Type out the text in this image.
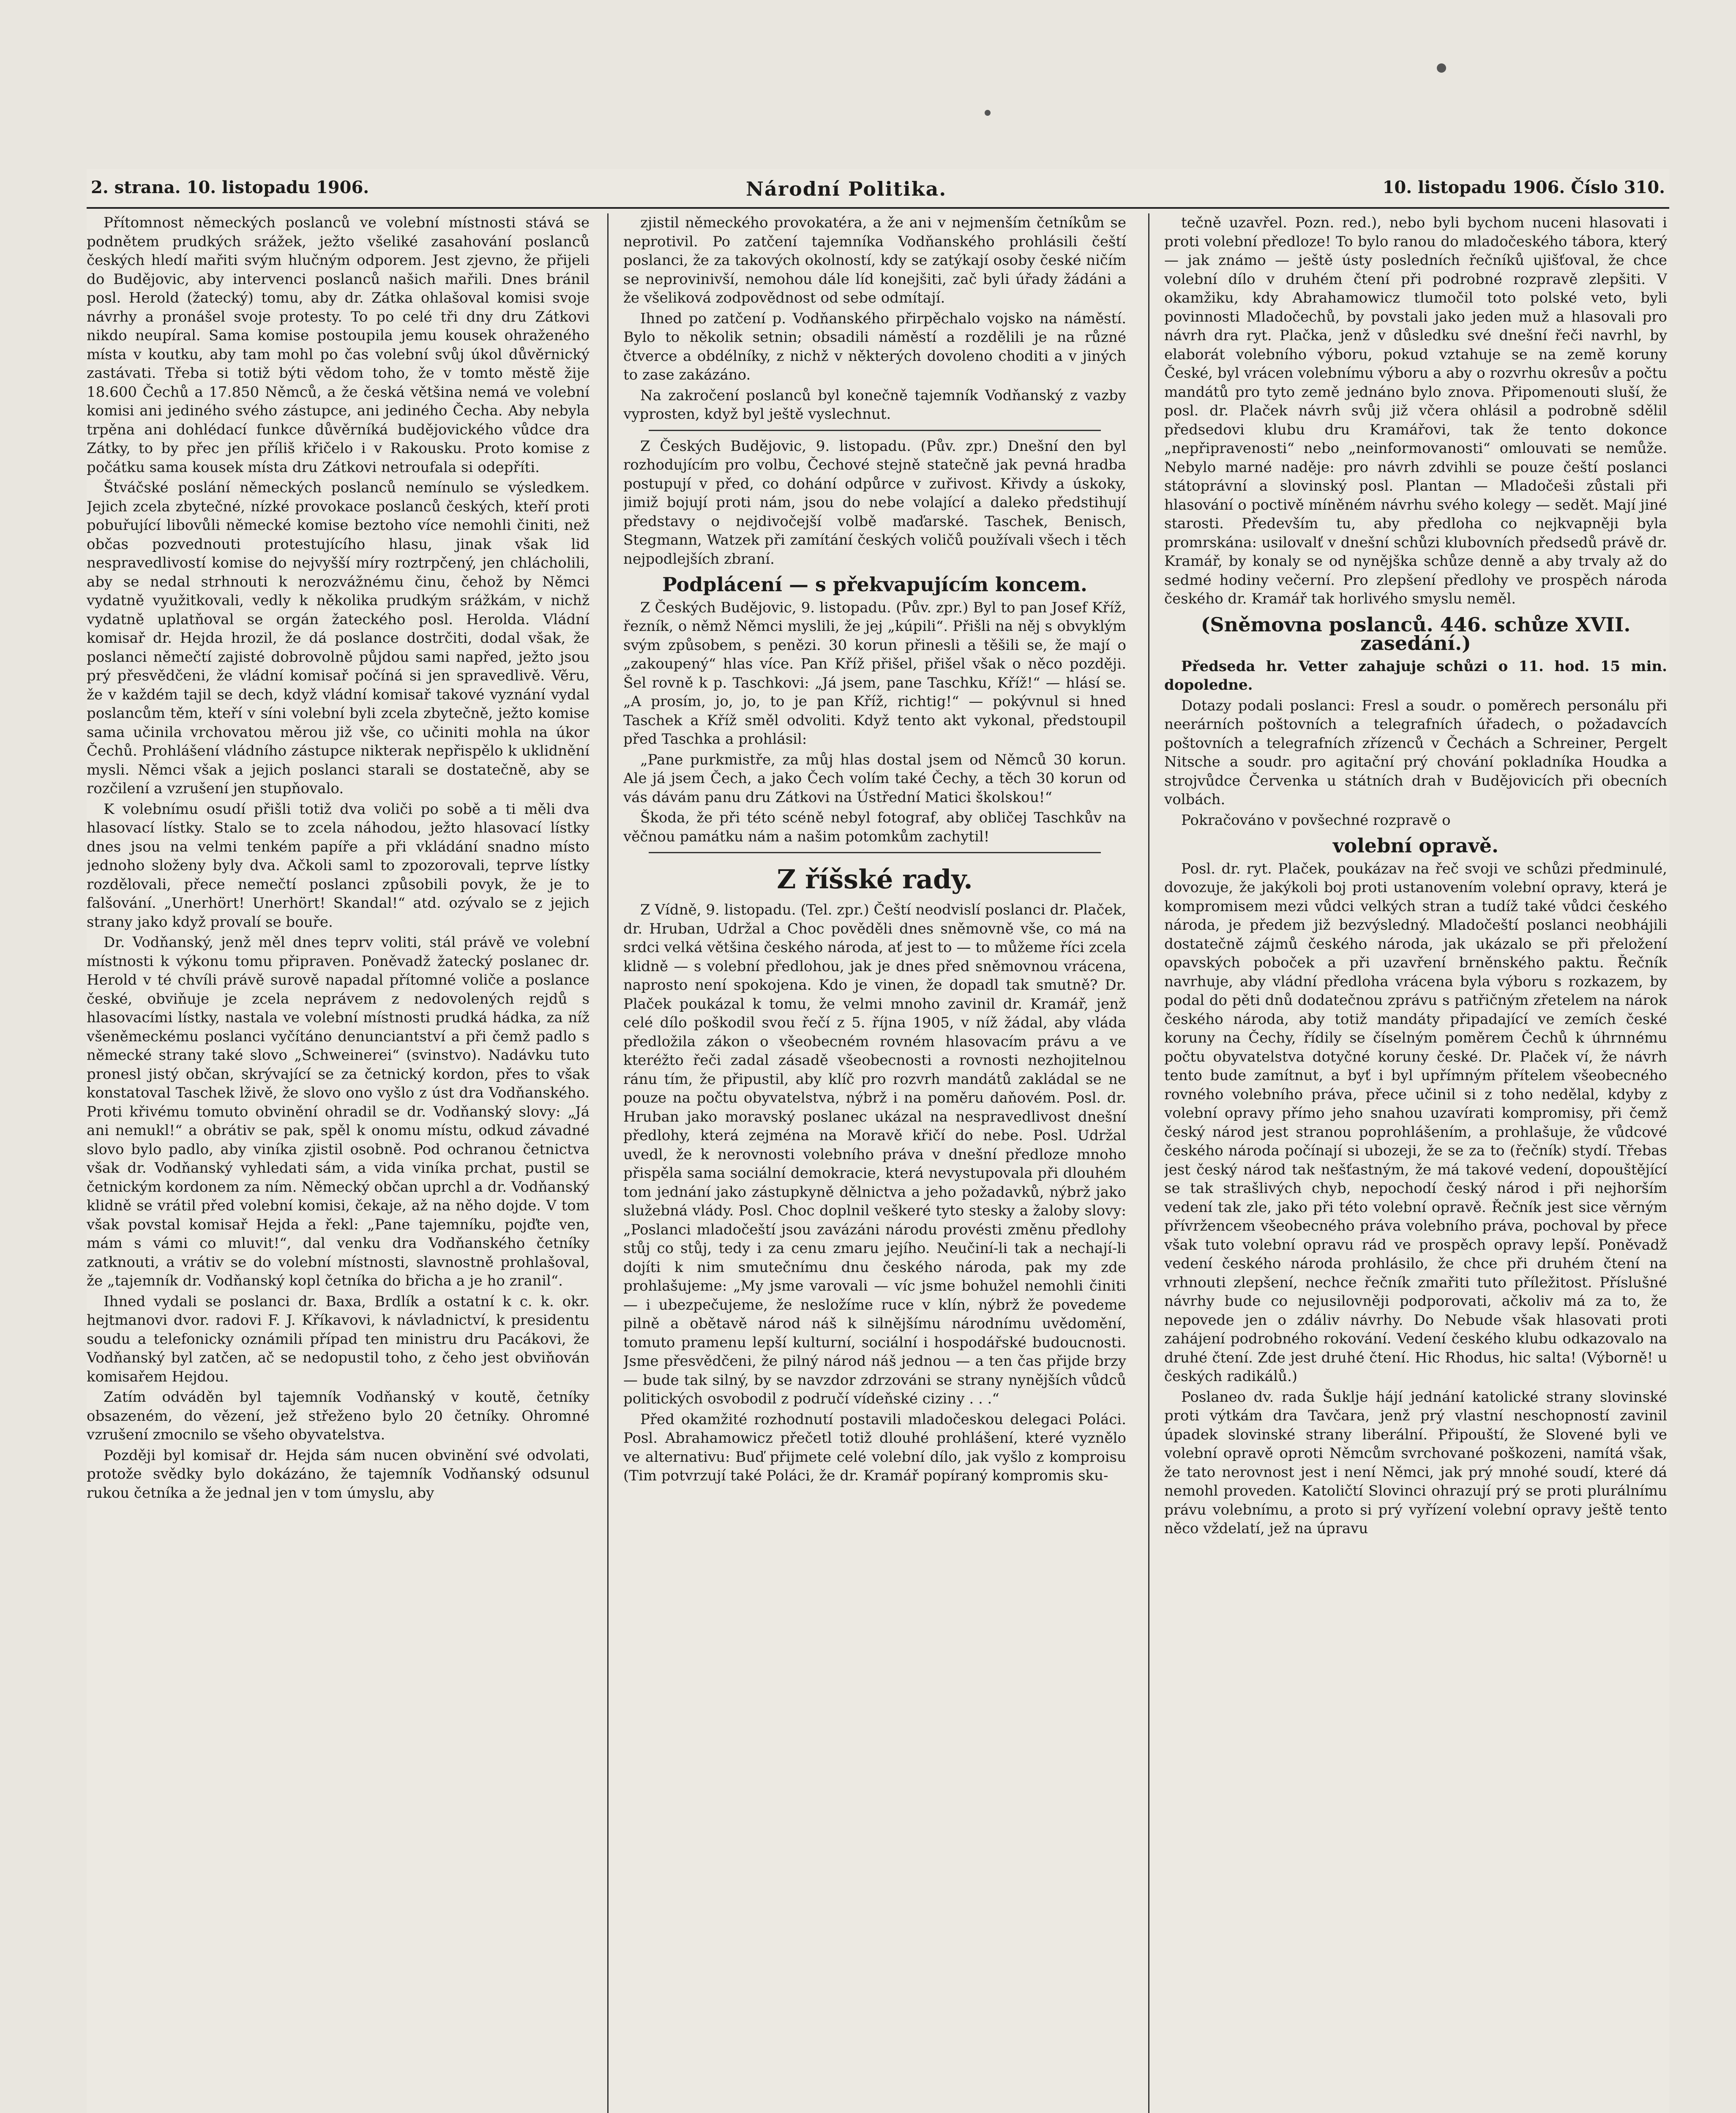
2. strana. 10. listopadu 1906.	Národní Politika.	10. listopadu 1906. Číslo 310.

Přítomnost německých poslanců ve volební místnosti stává se podnětem prudkých srážek, ježto všeliké zasahování poslanců českých hledí mařiti svým hlučným odporem. Jest zjevno, že přijeli do Budějovic, aby intervenci poslanců našich mařili. Dnes bránil posl. Herold (žatecký) tomu, aby dr. Zátka ohlašoval komisi svoje návrhy a pronášel svoje protesty. To po celé tři dny dru Zátkovi nikdo neupíral. Sama komise postoupila jemu kousek ohraženého místa v koutku, aby tam mohl po čas volební svůj úkol důvěrnický zastávati. Třeba si totiž býti vědom toho, že v tomto městě žije 18.600 Čechů a 17.850 Němců, a že česká většina nemá ve volební komisi ani jediného svého zástupce, ani jediného Čecha. Aby nebyla trpěna ani dohlédací funkce důvěrníká budějovického vůdce dra Zátky, to by přec jen příliš křičelo i v Rakousku. Proto komise z počátku sama kousek místa dru Zátkovi netroufala si odepříti.

Štváčské poslání německých poslanců nemínulo se výsledkem. Jejich zcela zbytečné, nízké provokace poslanců českých, kteří proti pobuřující libovůli německé komise beztoho více nemohli činiti, než občas pozvednouti protestujícího hlasu, jinak však lid nespravedlivostí komise do nejvyšší míry roztrpčený, jen chlácholili, aby se nedal strhnouti k nerozvážnému činu, čehož by Němci vydatně využitkovali, vedly k několika prudkým srážkám, v nichž vydatně uplatňoval se orgán žateckého posl. Herolda. Vládní komisař dr. Hejda hrozil, že dá poslance dostrčiti, dodal však, že poslanci němečtí zajisté dobrovolně půjdou sami napřed, ježto jsou prý přesvědčeni, že vládní komisař počíná si jen spravedlivě. Věru, že v každém tajil se dech, když vládní komisař takové vyznání vydal poslancům těm, kteří v síni volební byli zcela zbytečně, ježto komise sama učinila vrchovatou měrou již vše, co učiniti mohla na úkor Čechů. Prohlášení vládního zástupce nikterak nepřispělo k uklidnění mysli. Němci však a jejich poslanci starali se dostatečně, aby se rozčilení a vzrušení jen stupňovalo.

K volebnímu osudí přišli totiž dva voliči po sobě a ti měli dva hlasovací lístky. Stalo se to zcela náhodou, ježto hlasovací lístky dnes jsou na velmi tenkém papíře a při vkládání snadno místo jednoho složeny byly dva. Ačkoli saml to zpozorovali, teprve lístky rozdělovali, přece nemečtí poslanci způsobili povyk, že je to falšování. „Unerhört! Unerhört! Skandal!“ atd. ozývalo se z jejich strany jako když provalí se bouře.

Dr. Vodňanský, jenž měl dnes teprv voliti, stál právě ve volební místnosti k výkonu tomu připraven. Poněvadž žatecký poslanec dr. Herold v té chvíli právě surově napadal přítomné voliče a poslance české, obviňuje je zcela neprávem z nedovolených rejdů s hlasovacími lístky, nastala ve volební místnosti prudká hádka, za níž všeněmeckému poslanci vyčítáno denunciantství a při čemž padlo s německé strany také slovo „Schweinerei“ (svinstvo). Nadávku tuto pronesl jistý občan, skrývající se za četnický kordon, přes to však konstatoval Taschek lživě, že slovo ono vyšlo z úst dra Vodňanského. Proti křivému tomuto obvinění ohradil se dr. Vodňanský slovy: „Já ani nemukl!“ a obrátiv se pak, spěl k onomu místu, odkud závadné slovo bylo padlo, aby viníka zjistil osobně. Pod ochranou četnictva však dr. Vodňanský vyhledati sám, a vida viníka prchat, pustil se četnickým kordonem za ním. Německý občan uprchl a dr. Vodňanský klidně se vrátil před volební komisi, čekaje, až na něho dojde. V tom však povstal komisař Hejda a řekl: „Pane tajemníku, pojďte ven, mám s vámi co mluvit!“, dal venku dra Vodňanského četníky zatknouti, a vrátiv se do volební místnosti, slavnostně prohlašoval, že „tajemník dr. Vodňanský kopl četníka do břicha a je ho zranil“.

Ihned vydali se poslanci dr. Baxa, Brdlík a ostatní k c. k. okr. hejtmanovi dvor. radovi F. J. Kříkavovi, k návladnictví, k presidentu soudu a telefonicky oznámili případ ten ministru dru Pacákovi, že Vodňanský byl zatčen, ač se nedopustil toho, z čeho jest obviňován komisařem Hejdou.

Zatím odváděn byl tajemník Vodňanský v koutě, četníky obsazeném, do vězení, jež střeženo bylo 20 četníky. Ohromné vzrušení zmocnilo se všeho obyvatelstva.

Později byl komisař dr. Hejda sám nucen obvinění své odvolati, protože svědky bylo dokázáno, že tajemník Vodňanský odsunul rukou četníka a že jednal jen v tom úmyslu, aby

zjistil německého provokatéra, a že ani v nejmenším četníkům se neprotivil. Po zatčení tajemníka Vodňanského prohlásili čeští poslanci, že za takových okolností, kdy se zatýkají osoby české ničím se neprovinivší, nemohou dále líd konejšiti, zač byli úřady žádáni a že všeliková zodpovědnost od sebe odmítají.

Ihned po zatčení p. Vodňanského přirpěchalo vojsko na náměstí. Bylo to několik setnin; obsadili náměstí a rozdělili je na různé čtverce a obdélníky, z nichž v některých dovoleno choditi a v jiných to zase zakázáno.

Na zakročení poslanců byl konečně tajemník Vodňanský z vazby vyprosten, když byl ještě vyslechnut.

Z Českých Budějovic, 9. listopadu. (Pův. zpr.) Dnešní den byl rozhodujícím pro volbu, Čechové stejně statečně jak pevná hradba postupují v před, co dohání odpůrce v zuřivost. Křivdy a úskoky, jimiž bojují proti nám, jsou do nebe volající a daleko předstihují představy o nejdivočejší volbě maďarské. Taschek, Benisch, Stegmann, Watzek při zamítání českých voličů používali všech i těch nejpodlejších zbraní.

Podplácení — s překvapujícím koncem.

Z Českých Budějovic, 9. listopadu. (Pův. zpr.) Byl to pan Josef Kříž, řezník, o němž Němci myslili, že jej „kúpili“. Přišli na něj s obvyklým svým způsobem, s penězi. 30 korun přinesli a těšili se, že mají o „zakoupený“ hlas více. Pan Kříž přišel, přišel však o něco později. Šel rovně k p. Taschkovi: „Já jsem, pane Taschku, Kříž!“ — hlásí se. „A prosím, jo, jo, to je pan Kříž, richtig!“ — pokývnul si hned Taschek a Kříž směl odvoliti. Když tento akt vykonal, předstoupil před Taschka a prohlásil:

„Pane purkmistře, za můj hlas dostal jsem od Němců 30 korun. Ale já jsem Čech, a jako Čech volím také Čechy, a těch 30 korun od vás dávám panu dru Zátkovi na Ústřední Matici školskou!“

Škoda, že při této scéně nebyl fotograf, aby obličej Taschkův na věčnou památku nám a našim potomkům zachytil!

Z říšské rady.

Z Vídně, 9. listopadu. (Tel. zpr.) Čeští neodvislí poslanci dr. Plaček, dr. Hruban, Udržal a Choc pověděli dnes sněmovně vše, co má na srdci velká většina českého národa, ať jest to — to můžeme říci zcela klidně — s volební předlohou, jak je dnes před sněmovnou vrácena, naprosto není spokojena. Kdo je vinen, že dopadl tak smutně? Dr. Plaček poukázal k tomu, že velmi mnoho zavinil dr. Kramář, jenž celé dílo poškodil svou řečí z 5. října 1905, v níž žádal, aby vláda předložila zákon o všeobecném rovném hlasovacím právu a ve kteréžto řeči zadal zásadě všeobecnosti a rovnosti nezhojitelnou ránu tím, že připustil, aby klíč pro rozvrh mandátů zakládal se ne pouze na počtu obyvatelstva, nýbrž i na poměru daňovém. Posl. dr. Hruban jako moravský poslanec ukázal na nespravedlivost dnešní předlohy, která zejména na Moravě křičí do nebe. Posl. Udržal uvedl, že k nerovnosti volebního práva v dnešní předloze mnoho přispěla sama sociální demokracie, která nevystupovala při dlouhém tom jednání jako zástupkyně dělnictva a jeho požadavků, nýbrž jako služebná vlády. Posl. Choc doplnil veškeré tyto stesky a žaloby slovy: „Poslanci mladočeští jsou zavázáni národu provésti změnu předlohy stůj co stůj, tedy i za cenu zmaru jejího. Neučiní-li tak a nechají-li dojíti k nim smutečnímu dnu českého národa, pak my zde prohlašujeme: „My jsme varovali — víc jsme bohužel nemohli činiti — i ubezpečujeme, že nesložíme ruce v klín, nýbrž že povedeme pilně a obětavě národ náš k silnějšímu národnímu uvědomění, tomuto pramenu lepší kulturní, sociální i hospodářské budoucnosti. Jsme přesvědčeni, že pilný národ náš jednou — a ten čas přijde brzy — bude tak silný, by se navzdor zdrzováni se strany nynějších vůdců politických osvobodil z područí vídeňské ciziny . . .“

Před okamžité rozhodnutí postavili mladočeskou delegaci Poláci. Posl. Abrahamowicz přečetl totiž dlouhé prohlášení, které vyznělo ve alternativu: Buď přijmete celé volební dílo, jak vyšlo z komproisu (Tim potvrzují také Poláci, že dr. Kramář popíraný kompromis sku-

tečně uzavřel. Pozn. red.), nebo byli bychom nuceni hlasovati i proti volební předloze! To bylo ranou do mladočeského tábora, který — jak známo — ještě ústy posledních řečníků ujišťoval, že chce volební dílo v druhém čtení při podrobné rozpravě zlepšiti. V okamžiku, kdy Abrahamowicz tlumočil toto polské veto, byli povinnosti Mladočechů, by povstali jako jeden muž a hlasovali pro návrh dra ryt. Plačka, jenž v důsledku své dnešní řeči navrhl, by elaborát volebního výboru, pokud vztahuje se na země koruny České, byl vrácen volebnímu výboru a aby o rozvrhu okresův a počtu mandátů pro tyto země jednáno bylo znova. Připomenouti sluší, že posl. dr. Plaček návrh svůj již včera ohlásil a podrobně sdělil předsedovi klubu dru Kramářovi, tak že tento dokonce „nepřipravenosti“ nebo „neinformovanosti“ omlouvati se nemůže. Nebylo marné naděje: pro návrh zdvihli se pouze čeští poslanci státoprávní a slovinský posl. Plantan — Mladočeši zůstali při hlasování o poctivě míněném návrhu svého kolegy — sedět. Mají jiné starosti. Především tu, aby předloha co nejkvapněji byla promrskána: usilovalť v dnešní schůzi klubovních předsedů právě dr. Kramář, by konaly se od nynějška schůze denně a aby trvaly až do sedmé hodiny večerní. Pro zlepšení předlohy ve prospěch národa českého dr. Kramář tak horlivého smyslu neměl.

(Sněmovna poslanců. 446. schůze XVII. zasedání.)

Předseda hr. Vetter zahajuje schůzi o 11. hod. 15 min. dopoledne.

Dotazy podali poslanci: Fresl a soudr. o poměrech personálu při neerárních poštovních a telegrafních úřadech, o požadavcích poštovních a telegrafních zřízenců v Čechách a Schreiner, Pergelt Nitsche a soudr. pro agitační prý chování pokladníka Houdka a strojvůdce Červenka u státních drah v Budějovicích při obecních volbách.

Pokračováno v povšechné rozpravě o

volební opravě.

Posl. dr. ryt. Plaček, poukázav na řeč svoji ve schůzi předminulé, dovozuje, že jakýkoli boj proti ustanovením volební opravy, která je kompromisem mezi vůdci velkých stran a tudíž také vůdci českého národa, je předem již bezvýsledný. Mladočeští poslanci neobhájili dostatečně zájmů českého národa, jak ukázalo se při přeložení opavských poboček a při uzavření brněnského paktu. Řečník navrhuje, aby vládní předloha vrácena byla výboru s rozkazem, by podal do pěti dnů dodatečnou zprávu s patřičným zřetelem na nárok českého národa, aby totiž mandáty připadající ve zemích české koruny na Čechy, řídily se číselným poměrem Čechů k úhrnnému počtu obyvatelstva dotyčné koruny české. Dr. Plaček ví, že návrh tento bude zamítnut, a byť i byl upřímným přítelem všeobecného rovného volebního práva, přece učinil si z toho nedělal, kdyby z volební opravy přímo jeho snahou uzavírati kompromisy, při čemž český národ jest stranou poprohlášením, a prohlašuje, že vůdcové českého národa počínají si ubozeji, že se za to (řečník) stydí. Třebas jest český národ tak nešťastným, že má takové vedení, dopouštějící se tak strašlivých chyb, nepochodí český národ i při nejhorším vedení tak zle, jako při této volební opravě. Řečník jest sice věrným přívržencem všeobecného práva volebního práva, pochoval by přece však tuto volební opravu rád ve prospěch opravy lepší. Poněvadž vedení českého národa prohlásilo, že chce při druhém čtení na vrhnouti zlepšení, nechce řečník zmařiti tuto příležitost. Příslušné návrhy bude co nejusilovněji podporovati, ačkoliv má za to, že nepovede jen o zdáliv návrhy. Do Nebude však hlasovati proti zahájení podrobného rokování. Vedení českého klubu odkazovalo na druhé čtení. Zde jest druhé čtení. Hic Rhodus, hic salta! (Výborně! u českých radikálů.)

Poslaneo dv. rada Šuklje hájí jednání katolické strany slovinské proti výtkám dra Tavčara, jenž prý vlastní neschopností zavinil úpadek slovinské strany liberální. Připouští, že Slovené byli ve volební opravě oproti Němcům svrchované poškozeni, namítá však, že tato nerovnost jest i není Němci, jak prý mnohé soudí, které dá nemohl proveden. Katoličtí Slovinci ohrazují prý se proti plurálnímu právu volebnímu, a proto si prý vyřízení volební opravy ještě tento něco vždelatí, jež na úpravu
